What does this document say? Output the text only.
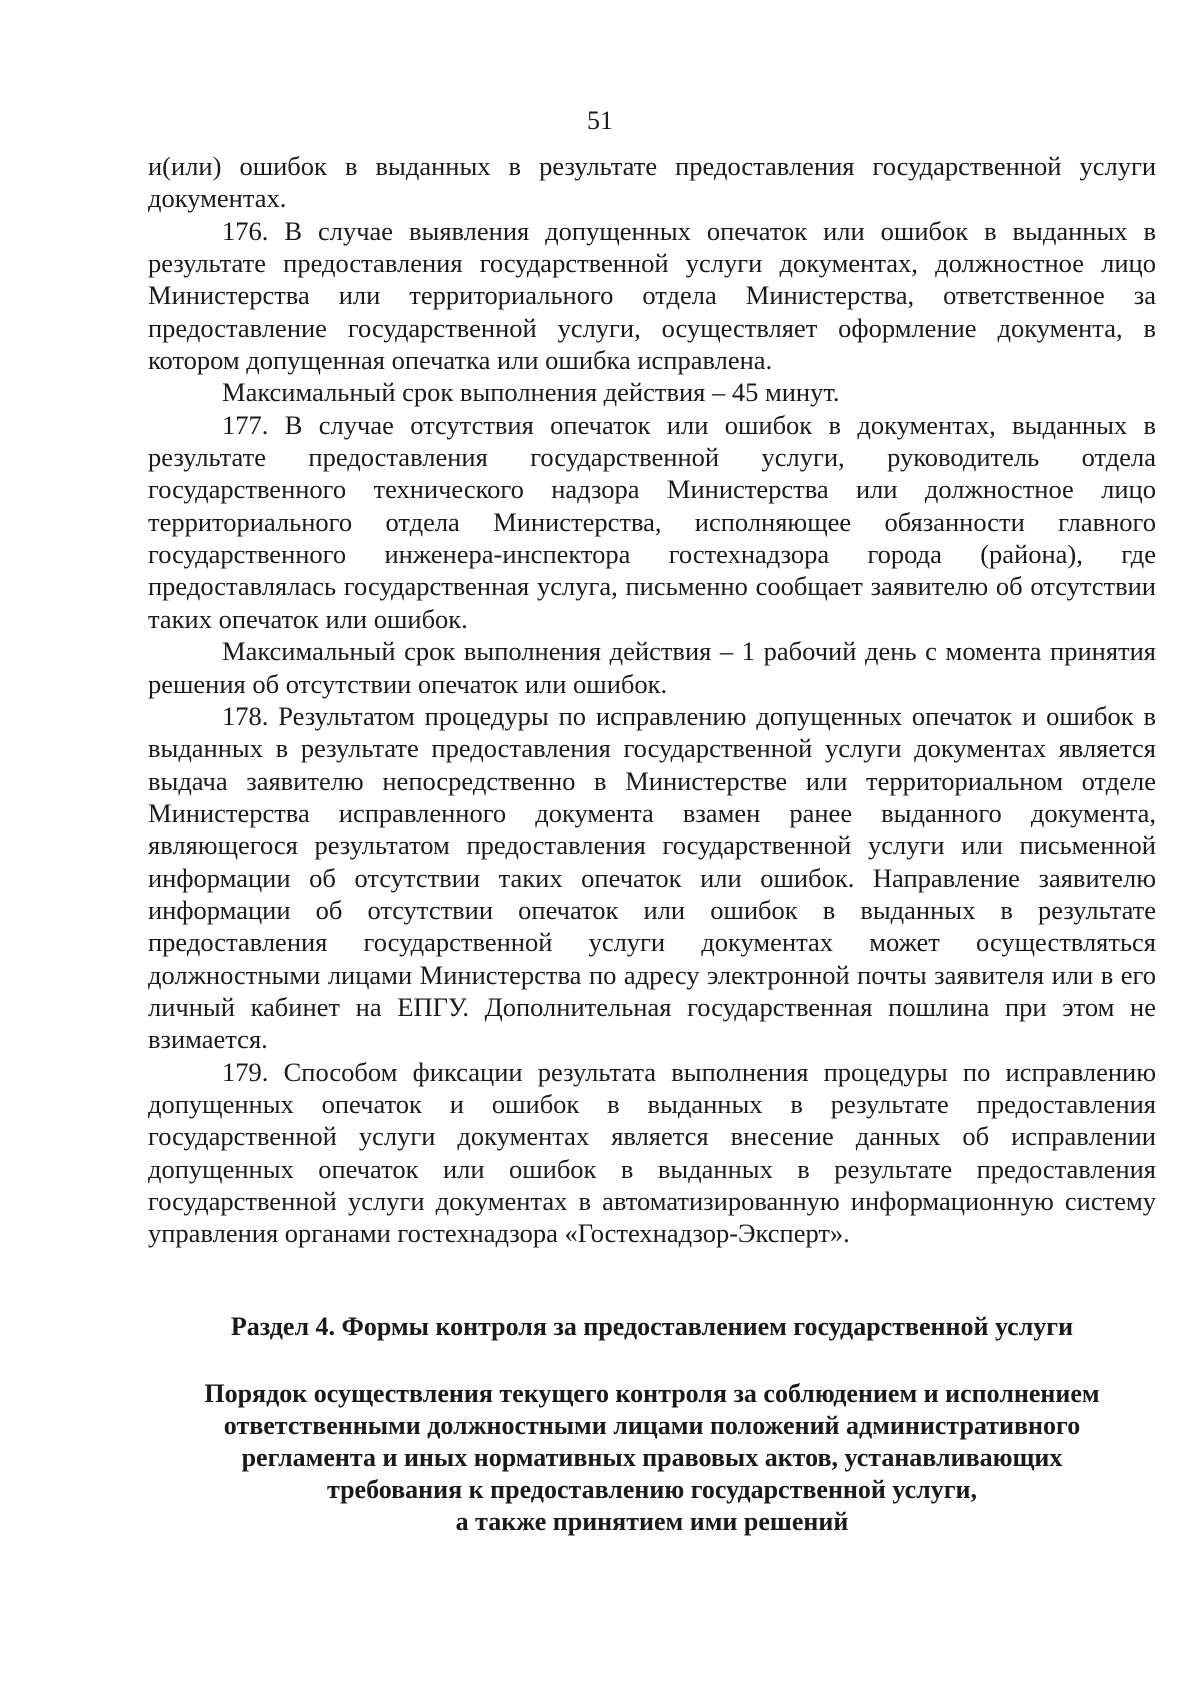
51

и(или) ошибок в выданных в результате предоставления государственной услуги документах.

176. В случае выявления допущенных опечаток или ошибок в выданных в результате предоставления государственной услуги документах, должностное лицо Министерства или территориального отдела Министерства, ответственное за предоставление государственной услуги, осуществляет оформление документа, в котором допущенная опечатка или ошибка исправлена.

Максимальный срок выполнения действия – 45 минут.

177. В случае отсутствия опечаток или ошибок в документах, выданных в результате предоставления государственной услуги, руководитель отдела государственного технического надзора Министерства или должностное лицо территориального отдела Министерства, исполняющее обязанности главного государственного инженера-инспектора гостехнадзора города (района), где предоставлялась государственная услуга, письменно сообщает заявителю об отсутствии таких опечаток или ошибок.

Максимальный срок выполнения действия – 1 рабочий день с момента принятия решения об отсутствии опечаток или ошибок.

178. Результатом процедуры по исправлению допущенных опечаток и ошибок в выданных в результате предоставления государственной услуги документах является выдача заявителю непосредственно в Министерстве или территориальном отделе Министерства исправленного документа взамен ранее выданного документа, являющегося результатом предоставления государственной услуги или письменной информации об отсутствии таких опечаток или ошибок. Направление заявителю информации об отсутствии опечаток или ошибок в выданных в результате предоставления государственной услуги документах может осуществляться должностными лицами Министерства по адресу электронной почты заявителя или в его личный кабинет на ЕПГУ. Дополнительная государственная пошлина при этом не взимается.

179. Способом фиксации результата выполнения процедуры по исправлению допущенных опечаток и ошибок в выданных в результате предоставления государственной услуги документах является внесение данных об исправлении допущенных опечаток или ошибок в выданных в результате предоставления государственной услуги документах в автоматизированную информационную систему управления органами гостехнадзора «Гостехнадзор-Эксперт».

Раздел 4. Формы контроля за предоставлением государственной услуги
Порядок осуществления текущего контроля за соблюдением и исполнением
ответственными должностными лицами положений административного
регламента и иных нормативных правовых актов, устанавливающих
требования к предоставлению государственной услуги,
а также принятием ими решений
